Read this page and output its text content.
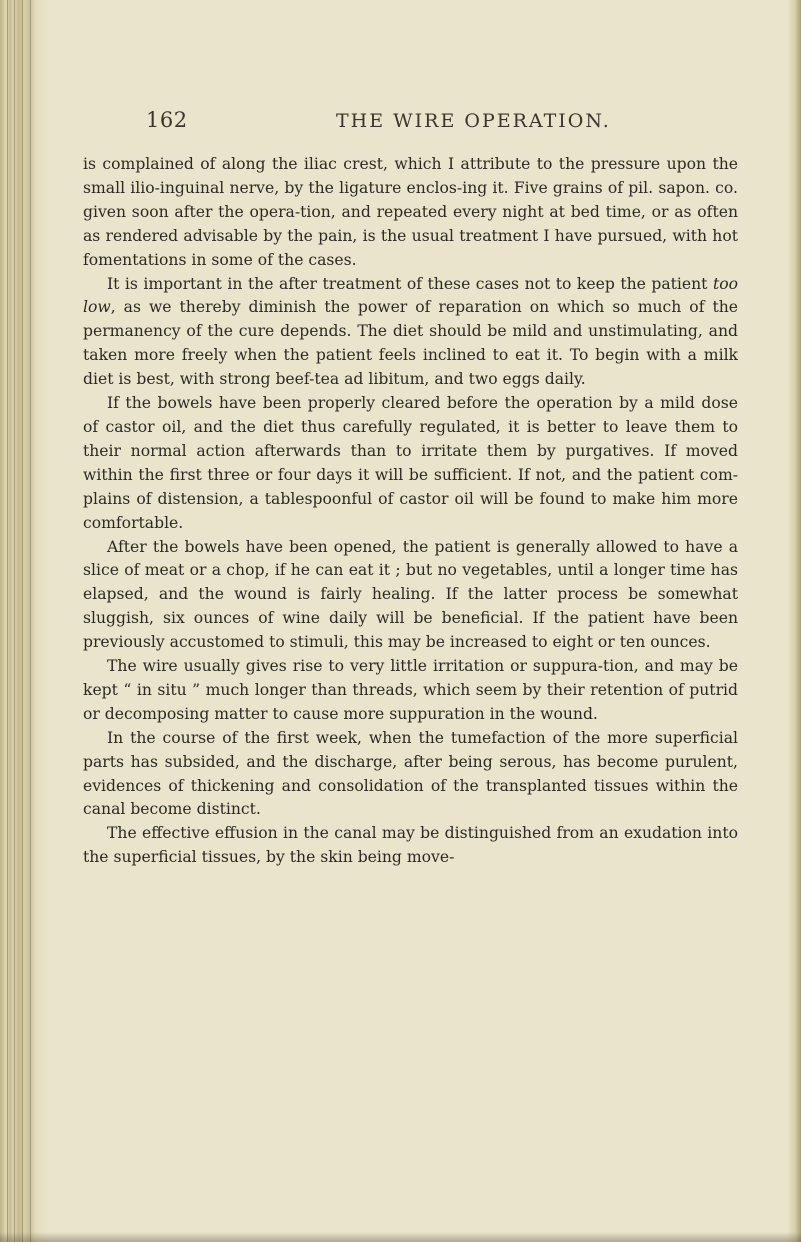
162	THE WIRE OPERATION.

is complained of along the iliac crest, which I attribute to the pressure upon the small ilio-inguinal nerve, by the ligature enclos-ing it. Five grains of pil. sapon. co. given soon after the opera-tion, and repeated every night at bed time, or as often as rendered advisable by the pain, is the usual treatment I have pursued, with hot fomentations in some of the cases.

It is important in the after treatment of these cases not to keep the patient too low, as we thereby diminish the power of reparation on which so much of the permanency of the cure depends. The diet should be mild and unstimulating, and taken more freely when the patient feels inclined to eat it. To begin with a milk diet is best, with strong beef-tea ad libitum, and two eggs daily.

If the bowels have been properly cleared before the operation by a mild dose of castor oil, and the diet thus carefully regulated, it is better to leave them to their normal action afterwards than to irritate them by purgatives. If moved within the first three or four days it will be sufficient. If not, and the patient com-plains of distension, a tablespoonful of castor oil will be found to make him more comfortable.

After the bowels have been opened, the patient is generally allowed to have a slice of meat or a chop, if he can eat it ; but no vegetables, until a longer time has elapsed, and the wound is fairly healing. If the latter process be somewhat sluggish, six ounces of wine daily will be beneficial. If the patient have been previously accustomed to stimuli, this may be increased to eight or ten ounces.

The wire usually gives rise to very little irritation or suppura-tion, and may be kept “ in situ ” much longer than threads, which seem by their retention of putrid or decomposing matter to cause more suppuration in the wound.

In the course of the first week, when the tumefaction of the more superficial parts has subsided, and the discharge, after being serous, has become purulent, evidences of thickening and consolidation of the transplanted tissues within the canal become distinct.

The effective effusion in the canal may be distinguished from an exudation into the superficial tissues, by the skin being move-
